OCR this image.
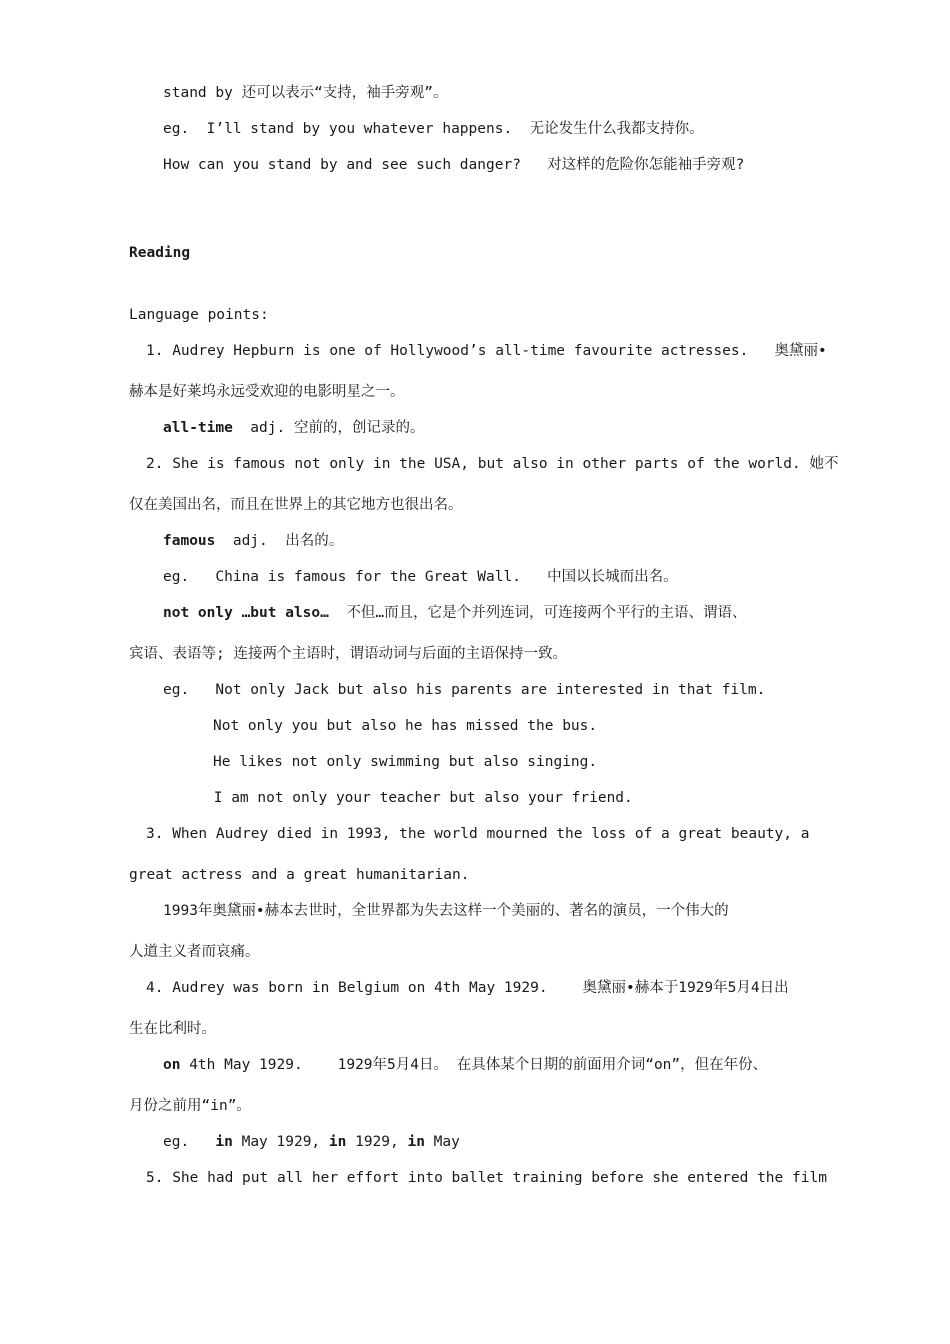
stand by 还可以表示“支持，袖手旁观”。
eg.  I’ll stand by you whatever happens.  无论发生什么我都支持你。
How can you stand by and see such danger?   对这样的危险你怎能袖手旁观?
Reading
Language points:
1. Audrey Hepburn is one of Hollywood’s all-time favourite actresses.   奥黛丽•
赫本是好莱坞永远受欢迎的电影明星之一。
all-time  adj. 空前的，创记录的。
2. She is famous not only in the USA, but also in other parts of the world. 她不
仅在美国出名，而且在世界上的其它地方也很出名。
famous  adj.  出名的。
eg.   China is famous for the Great Wall.   中国以长城而出名。
not only …but also…  不但…而且，它是个并列连词，可连接两个平行的主语、谓语、
宾语、表语等; 连接两个主语时，谓语动词与后面的主语保持一致。
eg.   Not only Jack but also his parents are interested in that film.
Not only you but also he has missed the bus.
He likes not only swimming but also singing.
I am not only your teacher but also your friend.
3. When Audrey died in 1993, the world mourned the loss of a great beauty, a
great actress and a great humanitarian.
1993年奥黛丽•赫本去世时，全世界都为失去这样一个美丽的、著名的演员，一个伟大的
人道主义者而哀痛。
4. Audrey was born in Belgium on 4th May 1929.    奥黛丽•赫本于1929年5月4日出
生在比利时。
on 4th May 1929.    1929年5月4日。 在具体某个日期的前面用介词“on”，但在年份、
月份之前用“in”。
eg.   in May 1929, in 1929, in May
5. She had put all her effort into ballet training before she entered the film
